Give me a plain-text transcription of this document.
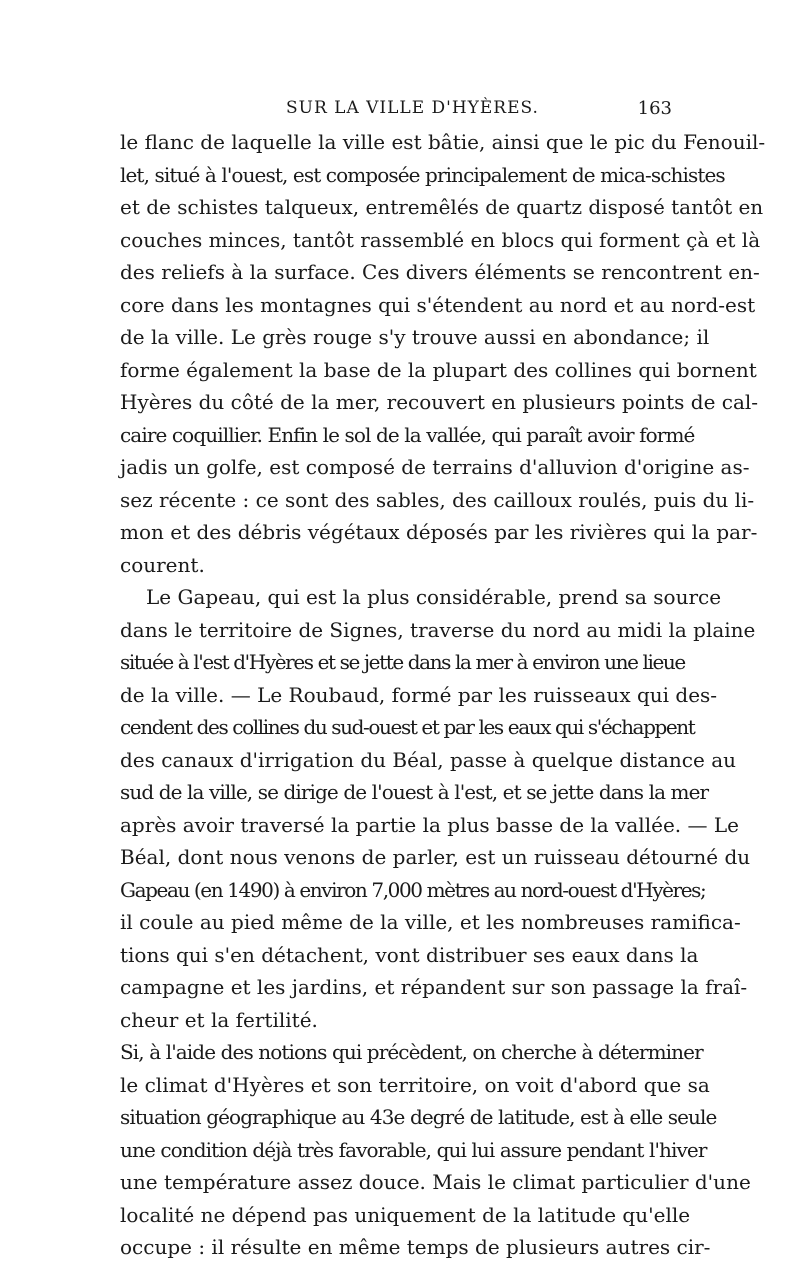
SUR LA VILLE D'HYÈRES.	163
le flanc de laquelle la ville est bâtie, ainsi que le pic du Fenouil-
let, situé à l'ouest, est composée principalement de mica-schistes
et de schistes talqueux, entremêlés de quartz disposé tantôt en
couches minces, tantôt rassemblé en blocs qui forment çà et là
des reliefs à la surface. Ces divers éléments se rencontrent en-
core dans les montagnes qui s'étendent au nord et au nord-est
de la ville. Le grès rouge s'y trouve aussi en abondance; il
forme également la base de la plupart des collines qui bornent
Hyères du côté de la mer, recouvert en plusieurs points de cal-
caire coquillier. Enfin le sol de la vallée, qui paraît avoir formé
jadis un golfe, est composé de terrains d'alluvion d'origine as-
sez récente : ce sont des sables, des cailloux roulés, puis du li-
mon et des débris végétaux déposés par les rivières qui la par-
courent.
Le Gapeau, qui est la plus considérable, prend sa source
dans le territoire de Signes, traverse du nord au midi la plaine
située à l'est d'Hyères et se jette dans la mer à environ une lieue
de la ville. — Le Roubaud, formé par les ruisseaux qui des-
cendent des collines du sud-ouest et par les eaux qui s'échappent
des canaux d'irrigation du Béal, passe à quelque distance au
sud de la ville, se dirige de l'ouest à l'est, et se jette dans la mer
après avoir traversé la partie la plus basse de la vallée. — Le
Béal, dont nous venons de parler, est un ruisseau détourné du
Gapeau (en 1490) à environ 7,000 mètres au nord-ouest d'Hyères;
il coule au pied même de la ville, et les nombreuses ramifica-
tions qui s'en détachent, vont distribuer ses eaux dans la
campagne et les jardins, et répandent sur son passage la fraî-
cheur et la fertilité.
Si, à l'aide des notions qui précèdent, on cherche à déterminer
le climat d'Hyères et son territoire, on voit d'abord que sa
situation géographique au 43e degré de latitude, est à elle seule
une condition déjà très favorable, qui lui assure pendant l'hiver
une température assez douce. Mais le climat particulier d'une
localité ne dépend pas uniquement de la latitude qu'elle
occupe : il résulte en même temps de plusieurs autres cir-
